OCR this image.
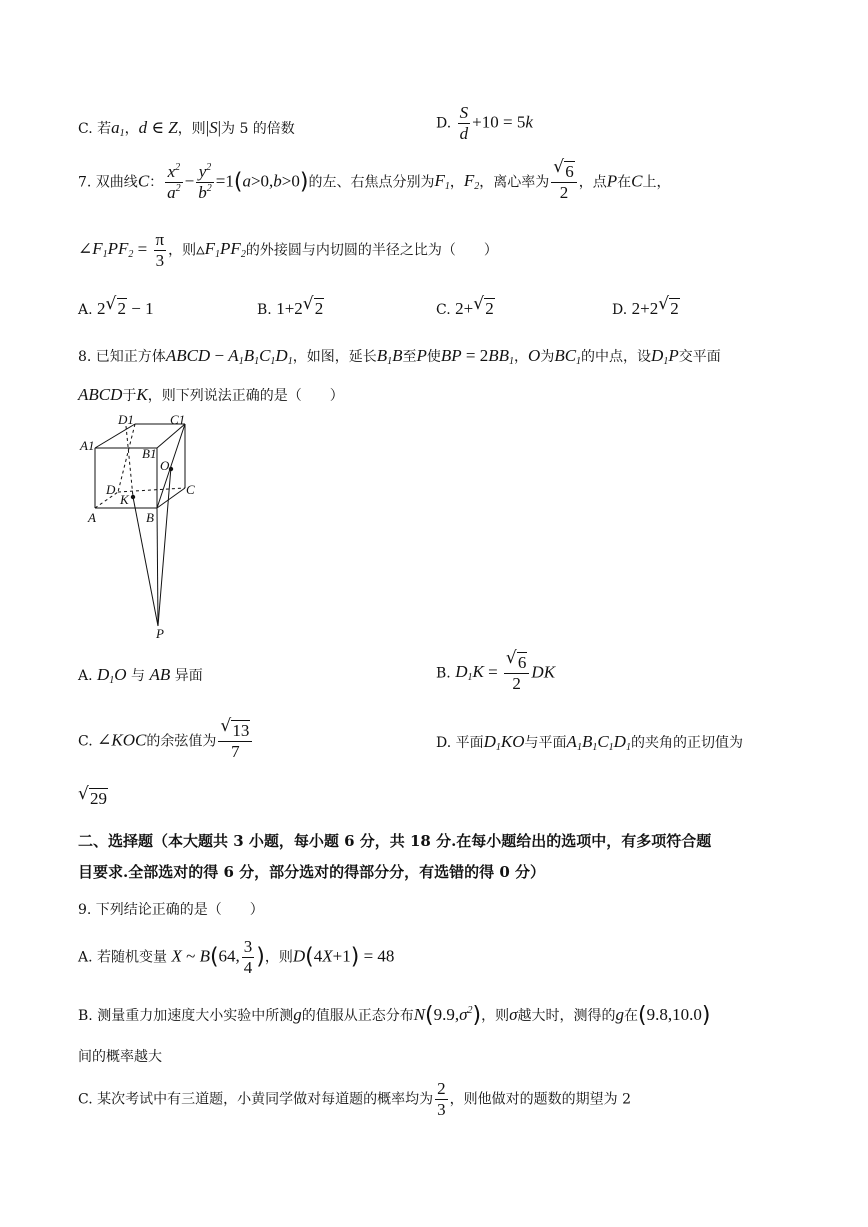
C. 若$a_1$，d ∈ Z，则|S|为 5 的倍数	D. $\frac{S}{d} +10 = 5k$
7. 双曲线C： $\frac{x^2}{a^2} - \frac{y^2}{b^2} =1(a>0,b>0)$的左、右焦点分别为$F_1$，$F_2$，离心率为 $\frac{√ 6}{2}$ ，点P在C上，
$\angle F_1PF_2 = \frac{\pi}{3}$ ，则$▵F_1PF_2$的外接圆与内切圆的半径之比为（　　）
A. 2 √ 2 − 1	B. 1+2 √ 2	C. 2+ √ 2	D. 2+2 √ 2
8. 已知正方体ABCD − $A_1B_1C_1D_1$，如图，延长$B_1B$至P使BP = $2BB_1$，O为$BC_1$的中点，设$D_1P$交平面
ABCD于K，则下列说法正确的是（　　）
D1	C1
A1
B1
O
D	C
K
A	B
P
A. $D_1O$ 与 AB 异面	B. $D_1K = \frac{√ 6}{2}$ DK
C. ∠KOC的余弦值为 $\frac{√ 13}{7}$	D. 平面$D_1KO$与平面$A_1B_1C_1D_1$的夹角的正切值为
√ 29
二、选择题（本大题共 3 小题，每小题 6 分，共 18 分.在每小题给出的选项中，有多项符合题
目要求.全部选对的得 6 分，部分选对的得部分分，有选错的得 0 分）
9. 下列结论正确的是（　　）
A. 若随机变量 X ~ B(64, $\frac{3}{4}$ )，则D(4X+1) = 48
B. 测量重力加速度大小实验中所测g的值服从正态分布$N(9.9,\sigma^2)$，则σ越大时，测得的g在(9.8,10.0)
间的概率越大
C. 某次考试中有三道题，小黄同学做对每道题的概率均为 $\frac{2}{3}$ ，则他做对的题数的期望为 2
